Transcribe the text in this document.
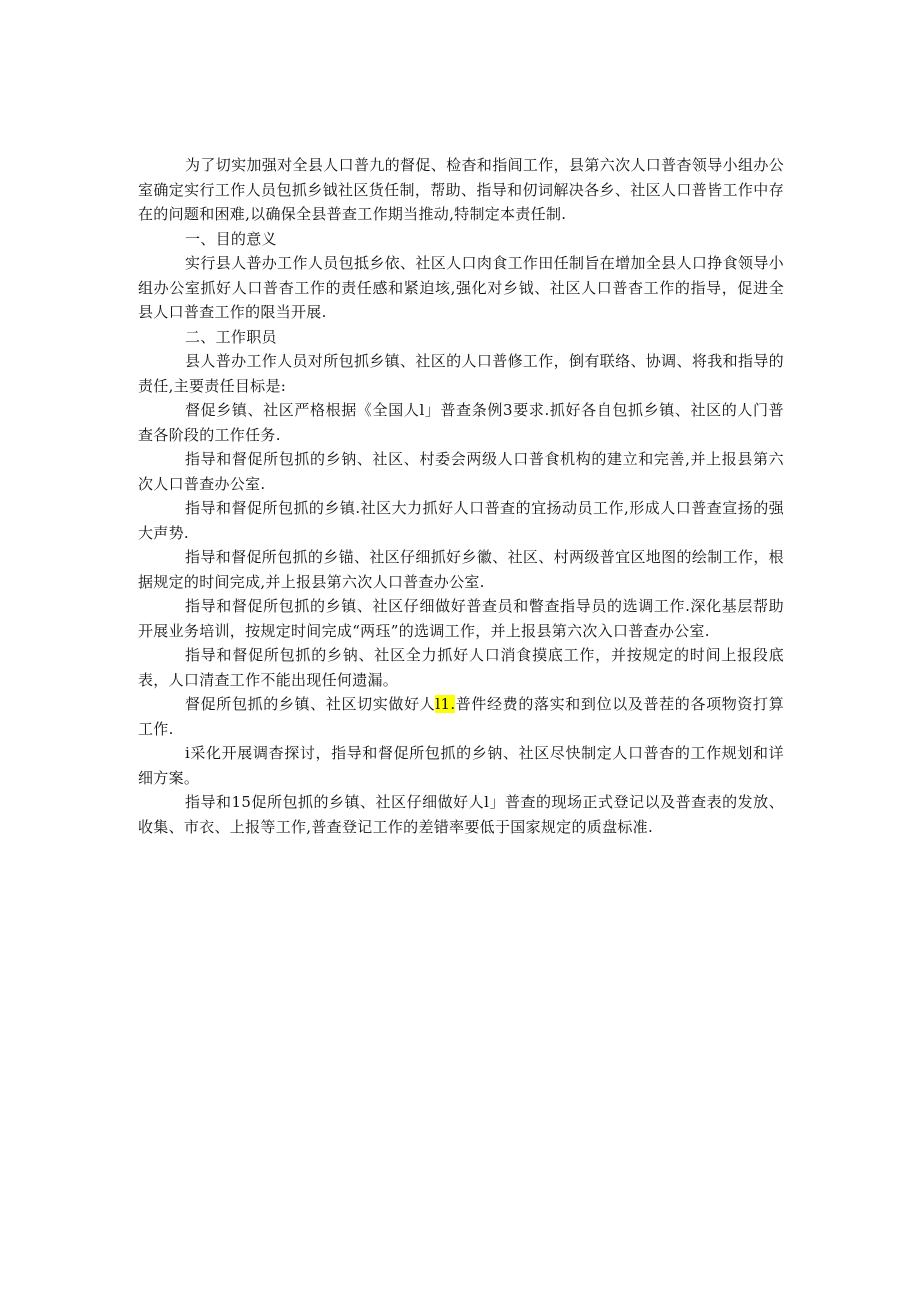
为了切实加强对全县人口普九的督促、检杳和指闾工作，县第六次人口普杳领导小组办公室确定实行工作人员包抓乡钺社区货任制，帮助、指导和仞词解决各乡、社区人口普皆工作中存在的问题和困难,以确保全县普查工作期当推动,特制定本责任制.

一、目的意义

实行县人普办工作人员包抵乡依、社区人口肉食工作田任制旨在增加全县人口挣食领导小组办公室抓好人口普杳工作的责任感和紧迫垓,强化对乡钺、社区人口普杳工作的指导，促进全县人口普查工作的限当开展.

二、工作职员

县人普办工作人员对所包抓乡镇、社区的人口普修工作，倒有联络、协调、将我和指导的责任,主要责任目标是:

督促乡镇、社区严格根据《全国人l」普查条例3要求.抓好各自包抓乡镇、社区的人门普查各阶段的工作任务.

指导和督促所包抓的乡钠、社区、村委会两级人口普食机构的建立和完善,并上报县第六次人口普查办公室.

指导和督促所包抓的乡镇.社区大力抓好人口普查的宜扬动员工作,形成人口普查宣扬的强大声势.

指导和督促所包抓的乡锚、社区仔细抓好乡徽、社区、村两级普宜区地图的绘制工作，根据规定的时间完成,并上报县第六次人口普查办公室.

指导和督促所包抓的乡镇、社区仔细做好普查员和瞥查指导员的选调工作.深化基层帮助开展业务培训，按规定时间完成“两珏”的选调工作，并上报县第六次入口普查办公室.

指导和督促所包抓的乡钠、社区全力抓好人口消食摸底工作，并按规定的时间上报段底表，人口清查工作不能出现任何遗漏。

督促所包抓的乡镇、社区切实做好人l1.普件经费的落实和到位以及普茬的各项物资打算工作.

i采化开展调杳探讨，指导和督促所包抓的乡钠、社区尽快制定人口普杳的工作规划和详细方案。

指导和15促所包抓的乡镇、社区仔细做好人l」普查的现场正式登记以及普查表的发放、收集、市衣、上报等工作,普查登记工作的差错率要低于国家规定的质盘标准.
